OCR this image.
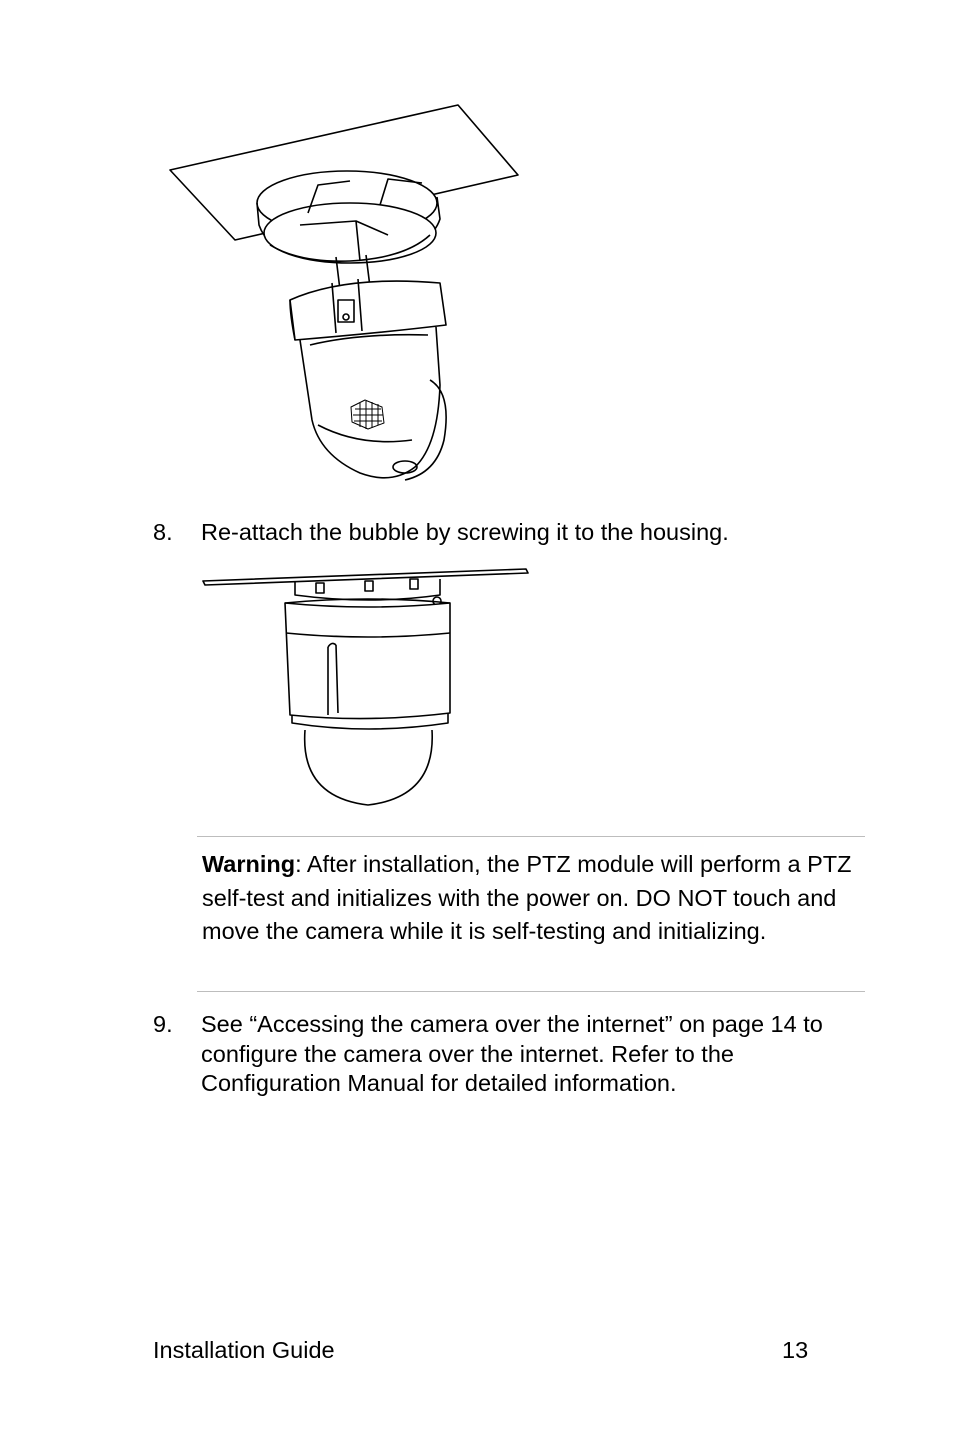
8. Re-attach the bubble by screwing it to the housing.
Warning: After installation, the PTZ module will perform a PTZ self-test and initializes with the power on. DO NOT touch and move the camera while it is self-testing and initializing.
9. See “Accessing the camera over the internet” on page 14 to configure the camera over the internet. Refer to the Configuration Manual for detailed information.
Installation Guide	13
